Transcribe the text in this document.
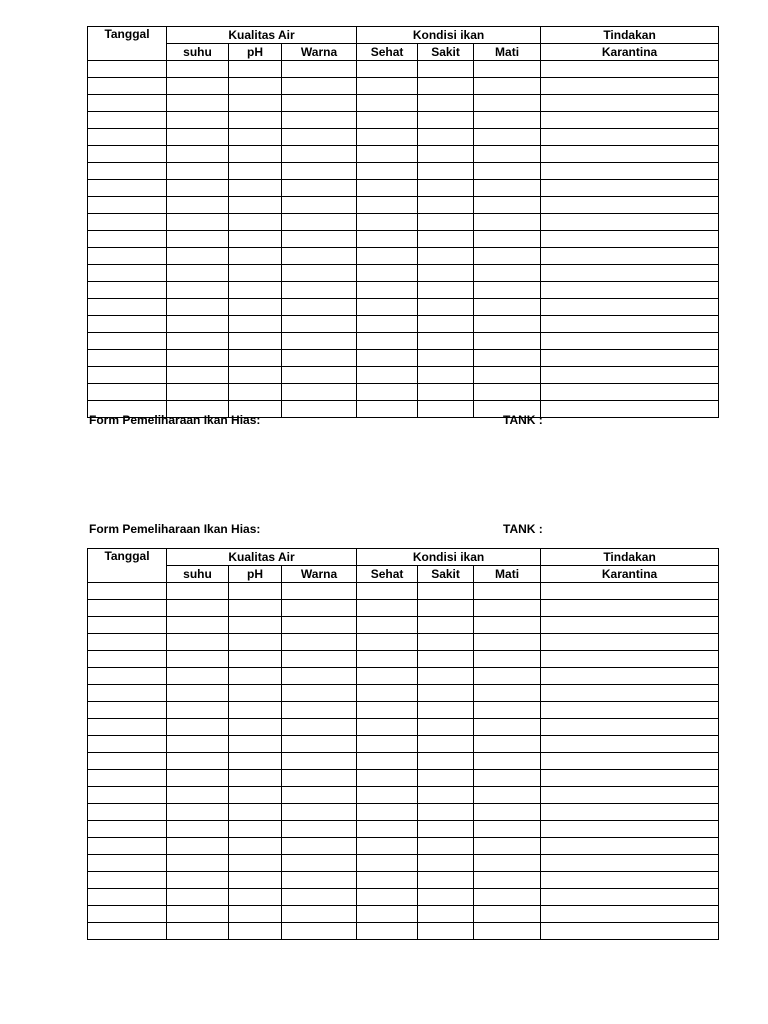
Tanggal	Kualitas Air			Kondisi ikan			Tindakan
	suhu	pH	Warna	Sehat	Sakit	Mati	Karantina

Form Pemeliharaan Ikan Hias:	TANK :
Form Pemeliharaan Ikan Hias:	TANK :
Tanggal	Kualitas Air			Kondisi ikan			Tindakan
	suhu	pH	Warna	Sehat	Sakit	Mati	Karantina
